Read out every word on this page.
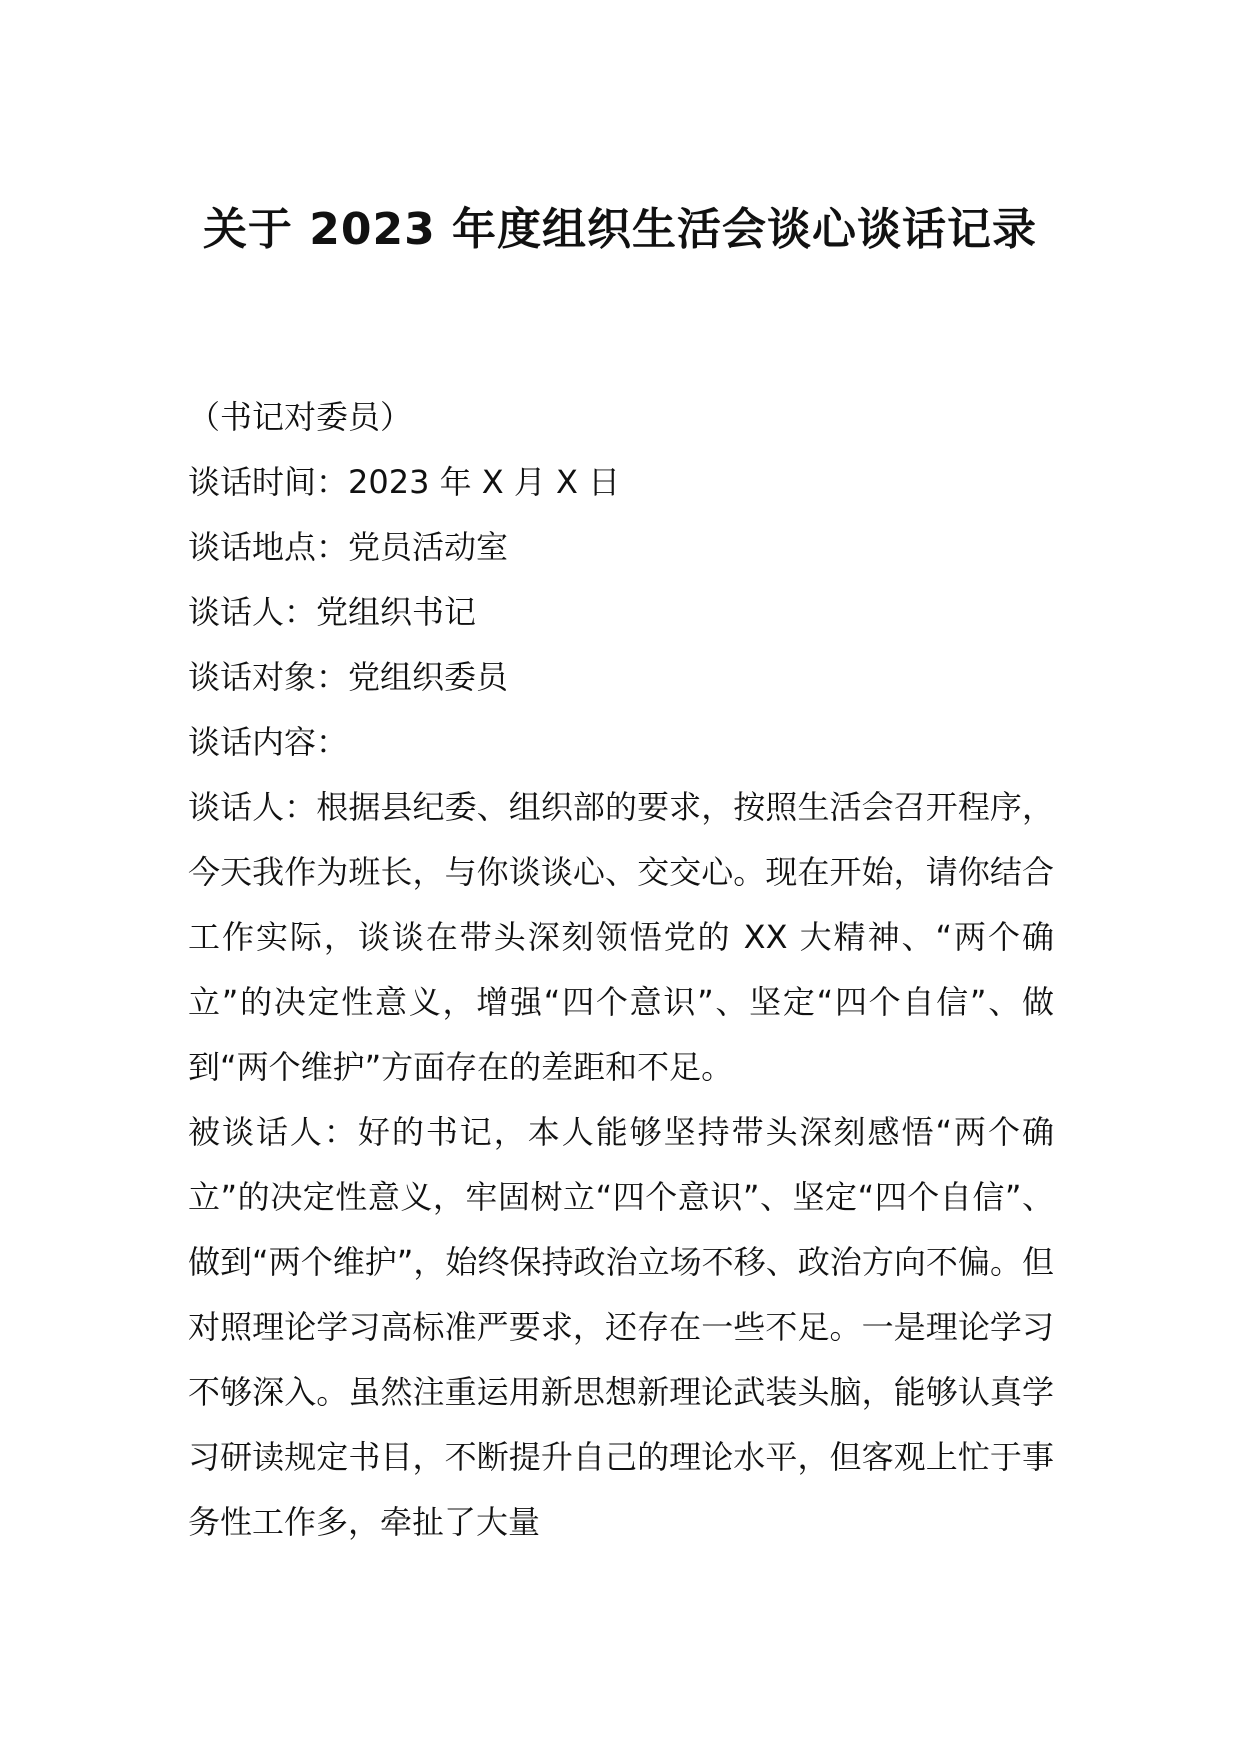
关于 2023 年度组织生活会谈心谈话记录

（书记对委员）

谈话时间：2023 年 X 月 X 日

谈话地点：党员活动室

谈话人：党组织书记

谈话对象：党组织委员

谈话内容：

谈话人：根据县纪委、组织部的要求，按照生活会召开程序，今天我作为班长，与你谈谈心、交交心。现在开始，请你结合工作实际，谈谈在带头深刻领悟党的 XX 大精神、“两个确立”的决定性意义，增强“四个意识”、坚定“四个自信”、做到“两个维护”方面存在的差距和不足。

被谈话人：好的书记，本人能够坚持带头深刻感悟“两个确立”的决定性意义，牢固树立“四个意识”、坚定“四个自信”、做到“两个维护”，始终保持政治立场不移、政治方向不偏。但对照理论学习高标准严要求，还存在一些不足。一是理论学习不够深入。虽然注重运用新思想新理论武装头脑，能够认真学习研读规定书目，不断提升自己的理论水平，但客观上忙于事务性工作多，牵扯了大量
